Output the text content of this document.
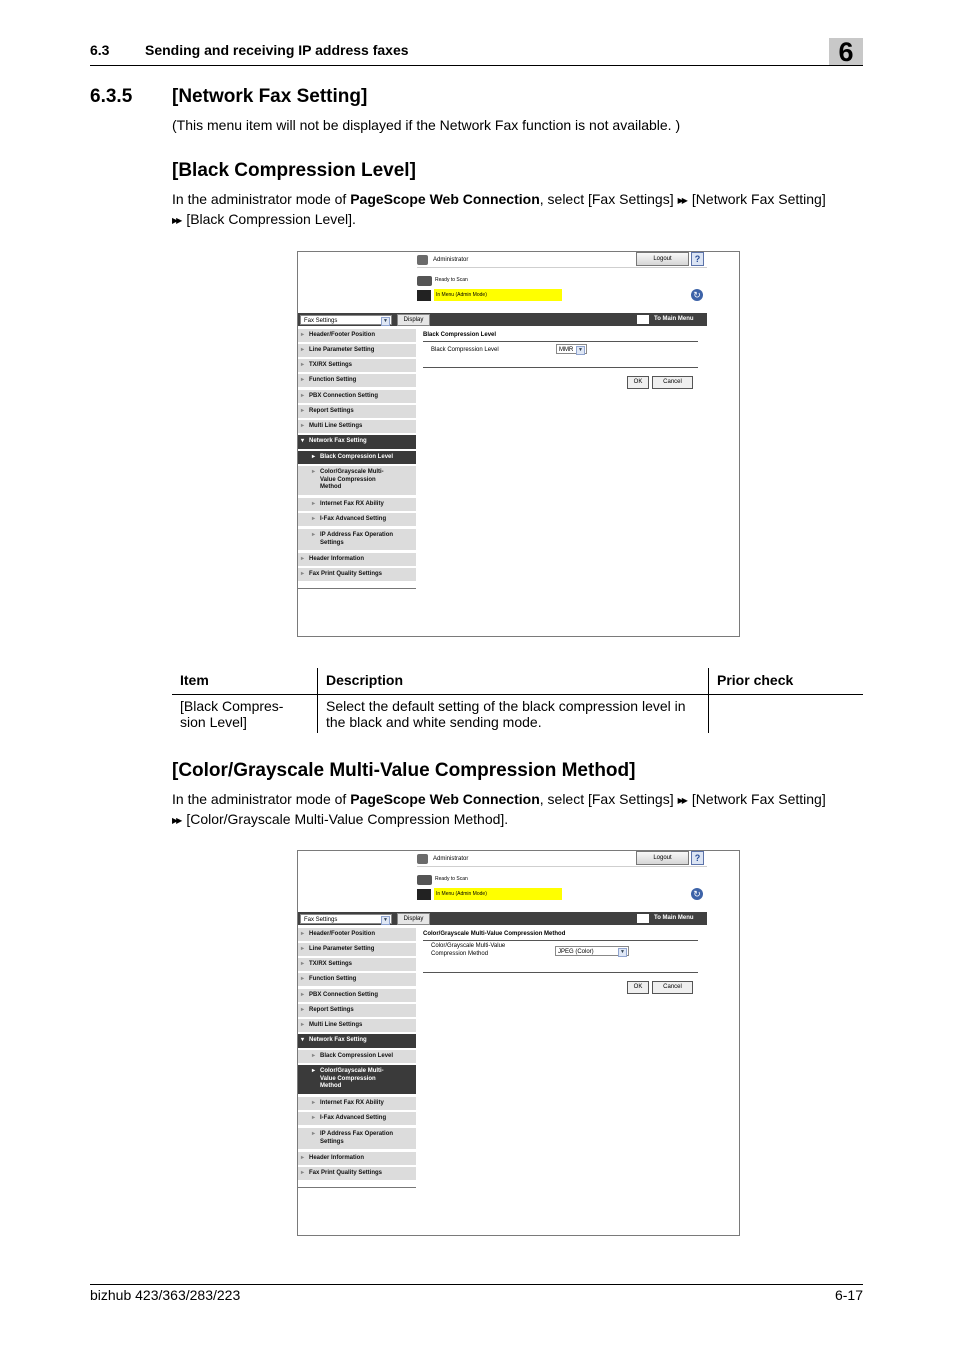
6.3	Sending and receiving IP address faxes	6
6.3.5 [Network Fax Setting]
(This menu item will not be displayed if the Network Fax function is not available. )
[Black Compression Level]
In the administrator mode of PageScope Web Connection, select [Fax Settings] ▶▶ [Network Fax Setting]
▶▶ [Black Compression Level].
Administrator	Logout	?
Ready to Scan
In Menu (Admin Mode)	↻
Fax Settings	▼	Display	To Main Menu
▸ Header/Footer Position
▸ Line Parameter Setting
▸ TX/RX Settings
▸ Function Setting
▸ PBX Connection Setting
▸ Report Settings
▸ Multi Line Settings
▾ Network Fax Setting
▸ Black Compression Level
▸ Color/Grayscale Multi-
Value Compression
Method
▸ Internet Fax RX Ability
▸ I-Fax Advanced Setting
▸ IP Address Fax Operation
Settings
▸ Header Information
▸ Fax Print Quality Settings
Black Compression Level
Black Compression Level	MMR ▼
OK	Cancel
Item	Description	Prior check
[Black Compres-sion Level]	Select the default setting of the black compression level in the black and white sending mode.	
[Color/Grayscale Multi-Value Compression Method]
In the administrator mode of PageScope Web Connection, select [Fax Settings] ▶▶ [Network Fax Setting]
▶▶ [Color/Grayscale Multi-Value Compression Method].
Administrator	Logout	?
Ready to Scan
In Menu (Admin Mode)	↻
Fax Settings	▼	Display	To Main Menu
▸ Header/Footer Position
▸ Line Parameter Setting
▸ TX/RX Settings
▸ Function Setting
▸ PBX Connection Setting
▸ Report Settings
▸ Multi Line Settings
▾ Network Fax Setting
▸ Black Compression Level
▸ Color/Grayscale Multi-
Value Compression
Method
▸ Internet Fax RX Ability
▸ I-Fax Advanced Setting
▸ IP Address Fax Operation
Settings
▸ Header Information
▸ Fax Print Quality Settings
Color/Grayscale Multi-Value Compression Method
Color/Grayscale Multi-Value
Compression Method	JPEG (Color)	▼
OK	Cancel
bizhub 423/363/283/223	6-17
